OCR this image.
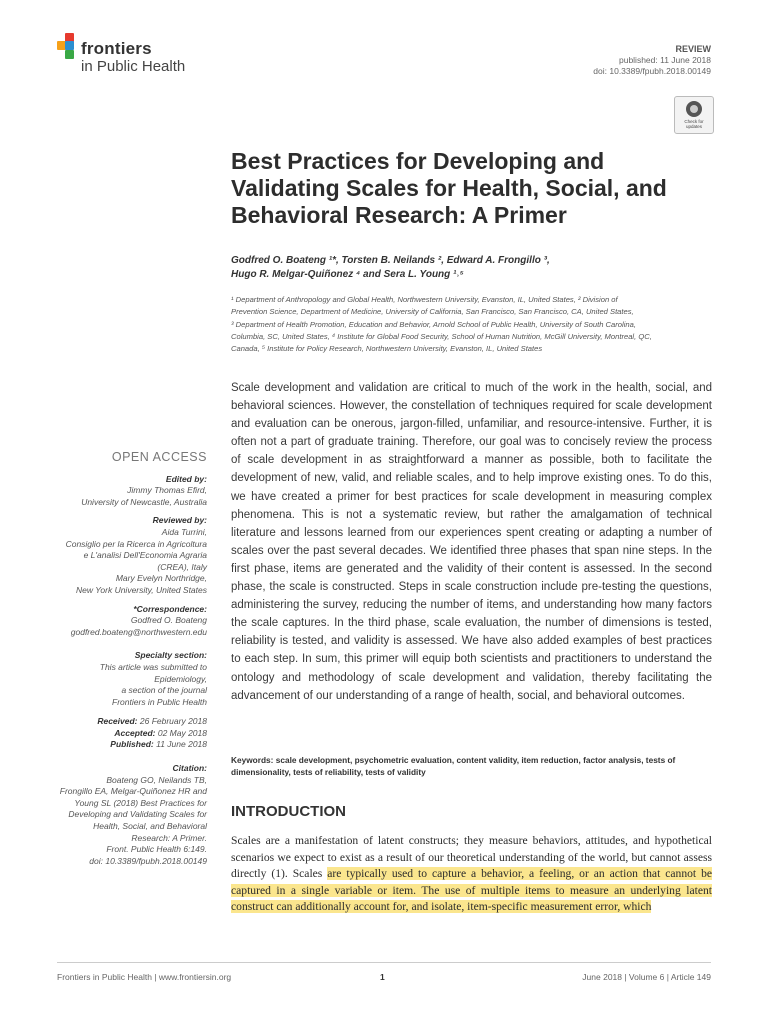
frontiers
in Public Health
REVIEW
published: 11 June 2018
doi: 10.3389/fpubh.2018.00149
Check for
updates
Best Practices for Developing and Validating Scales for Health, Social, and Behavioral Research: A Primer
Godfred O. Boateng ¹*, Torsten B. Neilands ², Edward A. Frongillo ³,
Hugo R. Melgar-Quiñonez ⁴ and Sera L. Young ¹˒⁵
¹ Department of Anthropology and Global Health, Northwestern University, Evanston, IL, United States, ² Division of
Prevention Science, Department of Medicine, University of California, San Francisco, San Francisco, CA, United States,
³ Department of Health Promotion, Education and Behavior, Arnold School of Public Health, University of South Carolina,
Columbia, SC, United States, ⁴ Institute for Global Food Security, School of Human Nutrition, McGill University, Montreal, QC,
Canada, ⁵ Institute for Policy Research, Northwestern University, Evanston, IL, United States
Scale development and validation are critical to much of the work in the health, social, and behavioral sciences. However, the constellation of techniques required for scale development and evaluation can be onerous, jargon-filled, unfamiliar, and resource-intensive. Further, it is often not a part of graduate training. Therefore, our goal was to concisely review the process of scale development in as straightforward a manner as possible, both to facilitate the development of new, valid, and reliable scales, and to help improve existing ones. To do this, we have created a primer for best practices for scale development in measuring complex phenomena. This is not a systematic review, but rather the amalgamation of technical literature and lessons learned from our experiences spent creating or adapting a number of scales over the past several decades. We identified three phases that span nine steps. In the first phase, items are generated and the validity of their content is assessed. In the second phase, the scale is constructed. Steps in scale construction include pre-testing the questions, administering the survey, reducing the number of items, and understanding how many factors the scale captures. In the third phase, scale evaluation, the number of dimensions is tested, reliability is tested, and validity is assessed. We have also added examples of best practices to each step. In sum, this primer will equip both scientists and practitioners to understand the ontology and methodology of scale development and validation, thereby facilitating the advancement of our understanding of a range of health, social, and behavioral outcomes.
Keywords: scale development, psychometric evaluation, content validity, item reduction, factor analysis, tests of dimensionality, tests of reliability, tests of validity
INTRODUCTION
Scales are a manifestation of latent constructs; they measure behaviors, attitudes, and hypothetical scenarios we expect to exist as a result of our theoretical understanding of the world, but cannot assess directly (1). Scales are typically used to capture a behavior, a feeling, or an action that cannot be captured in a single variable or item. The use of multiple items to measure an underlying latent construct can additionally account for, and isolate, item-specific measurement error, which
OPEN ACCESS
Edited by:
Jimmy Thomas Efird,
University of Newcastle, Australia
Reviewed by:
Aida Turrini,
Consiglio per la Ricerca in Agricoltura
e L'analisi Dell'Economia Agraria
(CREA), Italy
Mary Evelyn Northridge,
New York University, United States
*Correspondence:
Godfred O. Boateng
godfred.boateng@northwestern.edu
Specialty section:
This article was submitted to
Epidemiology,
a section of the journal
Frontiers in Public Health
Received: 26 February 2018
Accepted: 02 May 2018
Published: 11 June 2018
Citation:
Boateng GO, Neilands TB,
Frongillo EA, Melgar-Quiñonez HR and
Young SL (2018) Best Practices for
Developing and Validating Scales for
Health, Social, and Behavioral
Research: A Primer.
Front. Public Health 6:149.
doi: 10.3389/fpubh.2018.00149
Frontiers in Public Health | www.frontiersin.org	1	June 2018 | Volume 6 | Article 149
